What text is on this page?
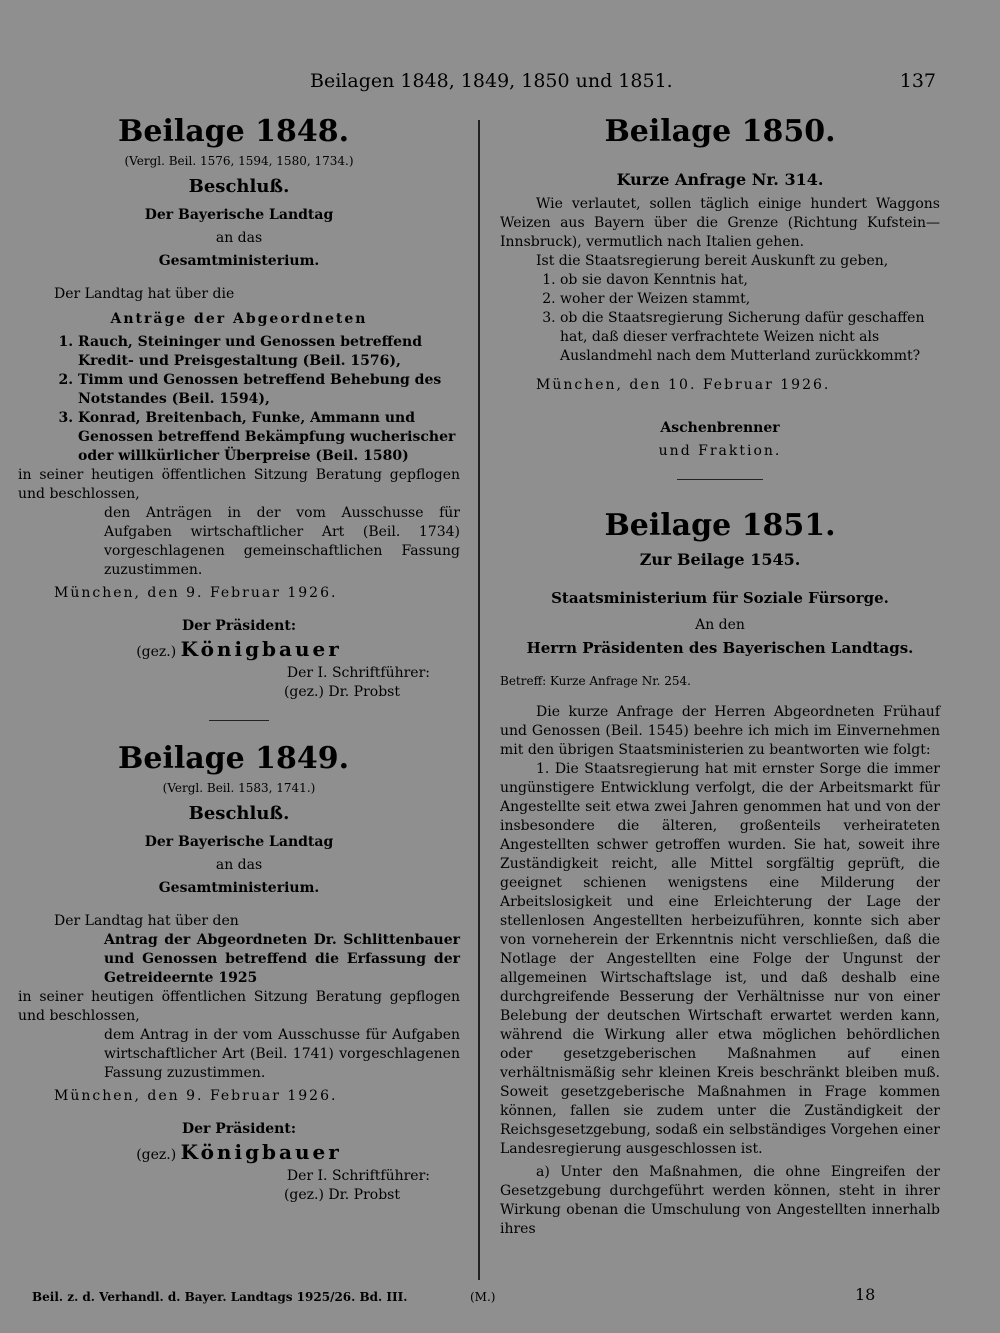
Beilagen 1848, 1849, 1850 und 1851.	137
Beilage 1848.

(Vergl. Beil. 1576, 1594, 1580, 1734.)

Beschluß.

Der Bayerische Landtag

an das

Gesamtministerium.

Der Landtag hat über die

Anträge der Abgeordneten

1. Rauch, Steininger und Genossen betreffend Kredit- und Preisgestaltung (Beil. 1576),
2. Timm und Genossen betreffend Behebung des Notstandes (Beil. 1594),
3. Konrad, Breitenbach, Funke, Ammann und Genossen betreffend Bekämpfung wucherischer oder willkürlicher Überpreise (Beil. 1580)

in seiner heutigen öffentlichen Sitzung Beratung gepflogen und beschlossen,

den Anträgen in der vom Ausschusse für Aufgaben wirtschaftlicher Art (Beil. 1734) vorgeschlagenen gemeinschaftlichen Fassung zuzustimmen.

München, den 9. Februar 1926.

Der Präsident:

(gez.) Königbauer

Der I. Schriftführer:

(gez.) Dr. Probst

Beilage 1849.

(Vergl. Beil. 1583, 1741.)

Beschluß.

Der Bayerische Landtag

an das

Gesamtministerium.

Der Landtag hat über den

Antrag der Abgeordneten Dr. Schlittenbauer und Genossen betreffend die Erfassung der Getreideernte 1925

in seiner heutigen öffentlichen Sitzung Beratung gepflogen und beschlossen,

dem Antrag in der vom Ausschusse für Aufgaben wirtschaftlicher Art (Beil. 1741) vorgeschlagenen Fassung zuzustimmen.

München, den 9. Februar 1926.

Der Präsident:

(gez.) Königbauer

Der I. Schriftführer:

(gez.) Dr. Probst

Beilage 1850.

Kurze Anfrage Nr. 314.

Wie verlautet, sollen täglich einige hundert Waggons Weizen aus Bayern über die Grenze (Richtung Kufstein—Innsbruck), vermutlich nach Italien gehen.

Ist die Staatsregierung bereit Auskunft zu geben,

1. ob sie davon Kenntnis hat,
2. woher der Weizen stammt,
3. ob die Staatsregierung Sicherung dafür geschaffen hat, daß dieser verfrachtete Weizen nicht als Auslandmehl nach dem Mutterland zurückkommt?

München, den 10. Februar 1926.

Aschenbrenner

und Fraktion.

Beilage 1851.

Zur Beilage 1545.

Staatsministerium für Soziale Fürsorge.

An den

Herrn Präsidenten des Bayerischen Landtags.

Betreff: Kurze Anfrage Nr. 254.

Die kurze Anfrage der Herren Abgeordneten Frühauf und Genossen (Beil. 1545) beehre ich mich im Einvernehmen mit den übrigen Staatsministerien zu beantworten wie folgt:

1. Die Staatsregierung hat mit ernster Sorge die immer ungünstigere Entwicklung verfolgt, die der Arbeitsmarkt für Angestellte seit etwa zwei Jahren genommen hat und von der insbesondere die älteren, großenteils verheirateten Angestellten schwer getroffen wurden. Sie hat, soweit ihre Zuständigkeit reicht, alle Mittel sorgfältig geprüft, die geeignet schienen wenigstens eine Milderung der Arbeitslosigkeit und eine Erleichterung der Lage der stellenlosen Angestellten herbeizuführen, konnte sich aber von vorneherein der Erkenntnis nicht verschließen, daß die Notlage der Angestellten eine Folge der Ungunst der allgemeinen Wirtschaftslage ist, und daß deshalb eine durchgreifende Besserung der Verhältnisse nur von einer Belebung der deutschen Wirtschaft erwartet werden kann, während die Wirkung aller etwa möglichen behördlichen oder gesetzgeberischen Maßnahmen auf einen verhältnismäßig sehr kleinen Kreis beschränkt bleiben muß. Soweit gesetzgeberische Maßnahmen in Frage kommen können, fallen sie zudem unter die Zuständigkeit der Reichsgesetzgebung, sodaß ein selbständiges Vorgehen einer Landesregierung ausgeschlossen ist.

a) Unter den Maßnahmen, die ohne Eingreifen der Gesetzgebung durchgeführt werden können, steht in ihrer Wirkung obenan die Umschulung von Angestellten innerhalb ihres

Beil. z. d. Verhandl. d. Bayer. Landtags 1925/26. Bd. III.	(M.)	18
